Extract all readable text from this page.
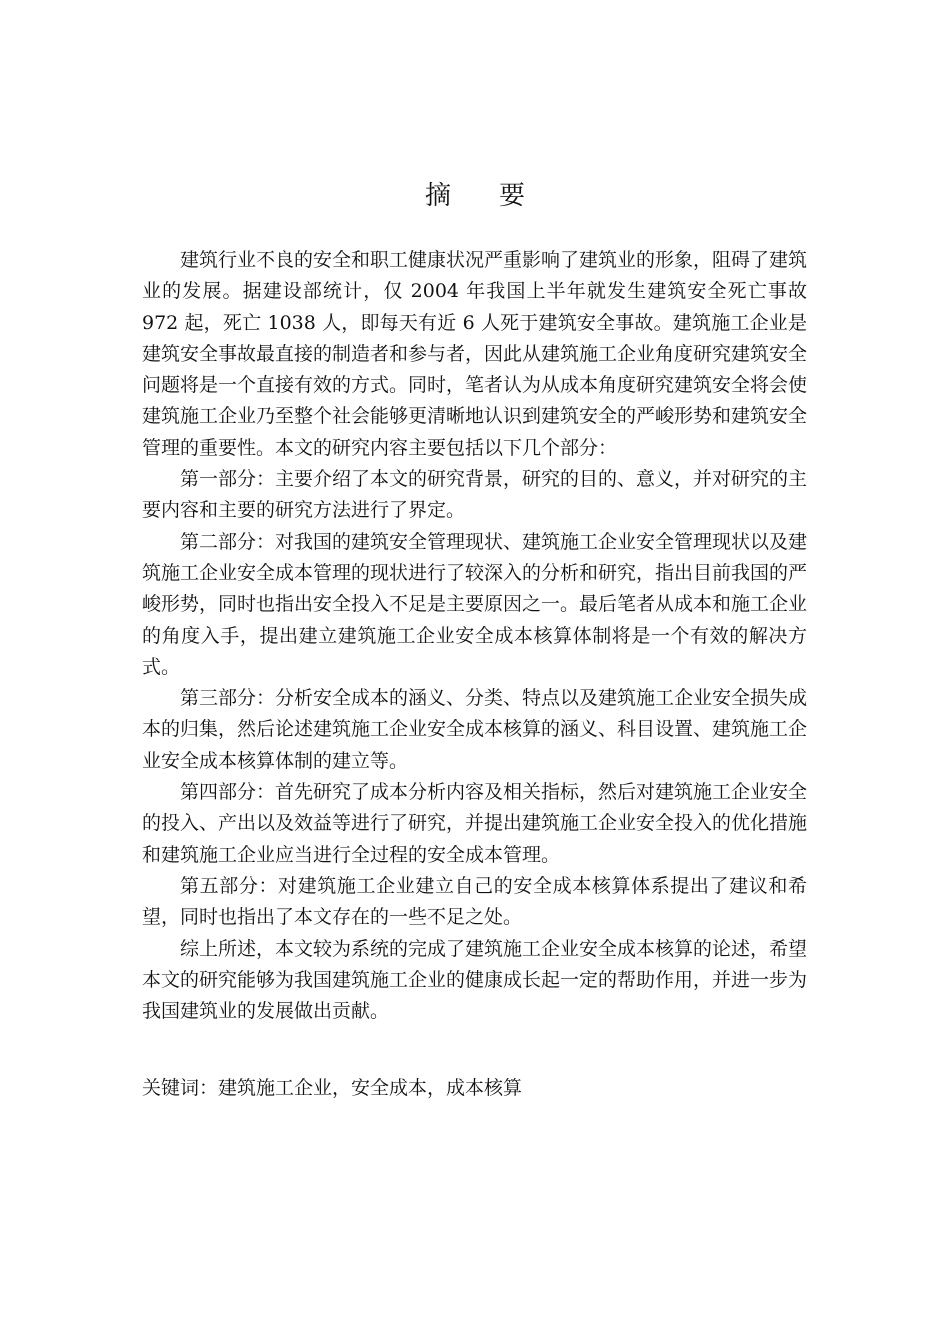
摘要

建筑行业不良的安全和职工健康状况严重影响了建筑业的形象，阻碍了建筑业的发展。据建设部统计，仅 2004 年我国上半年就发生建筑安全死亡事故 972 起，死亡 1038 人，即每天有近 6 人死于建筑安全事故。建筑施工企业是建筑安全事故最直接的制造者和参与者，因此从建筑施工企业角度研究建筑安全问题将是一个直接有效的方式。同时，笔者认为从成本角度研究建筑安全将会使建筑施工企业乃至整个社会能够更清晰地认识到建筑安全的严峻形势和建筑安全管理的重要性。本文的研究内容主要包括以下几个部分：

第一部分：主要介绍了本文的研究背景，研究的目的、意义，并对研究的主要内容和主要的研究方法进行了界定。

第二部分：对我国的建筑安全管理现状、建筑施工企业安全管理现状以及建筑施工企业安全成本管理的现状进行了较深入的分析和研究，指出目前我国的严峻形势，同时也指出安全投入不足是主要原因之一。最后笔者从成本和施工企业的角度入手，提出建立建筑施工企业安全成本核算体制将是一个有效的解决方式。

第三部分：分析安全成本的涵义、分类、特点以及建筑施工企业安全损失成本的归集，然后论述建筑施工企业安全成本核算的涵义、科目设置、建筑施工企业安全成本核算体制的建立等。

第四部分：首先研究了成本分析内容及相关指标，然后对建筑施工企业安全的投入、产出以及效益等进行了研究，并提出建筑施工企业安全投入的优化措施和建筑施工企业应当进行全过程的安全成本管理。

第五部分：对建筑施工企业建立自己的安全成本核算体系提出了建议和希望，同时也指出了本文存在的一些不足之处。

综上所述，本文较为系统的完成了建筑施工企业安全成本核算的论述，希望本文的研究能够为我国建筑施工企业的健康成长起一定的帮助作用，并进一步为我国建筑业的发展做出贡献。

关键词：建筑施工企业，安全成本，成本核算
